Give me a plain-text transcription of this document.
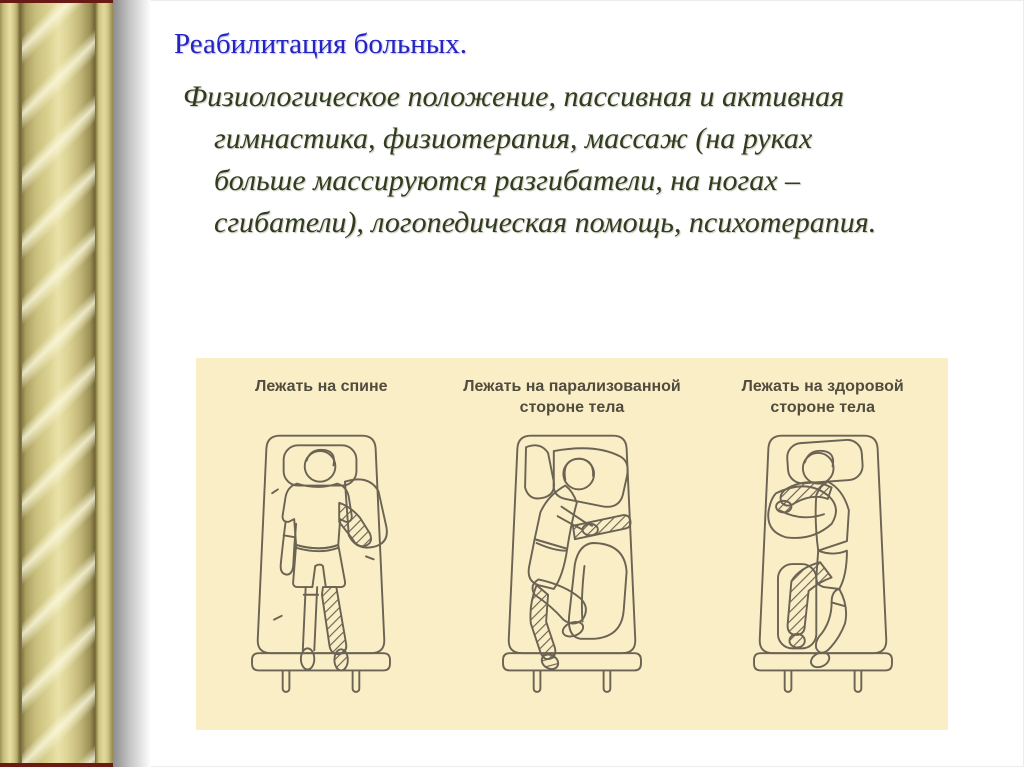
Реабилитация больных.
Физиологическое положение, пассивная и активная
гимнастика, физиотерапия, массаж (на руках
больше массируются разгибатели, на ногах –
сгибатели), логопедическая помощь, психотерапия.
Лежать на спине	Лежать на парализованной стороне тела
Лежать на здоровой стороне тела
